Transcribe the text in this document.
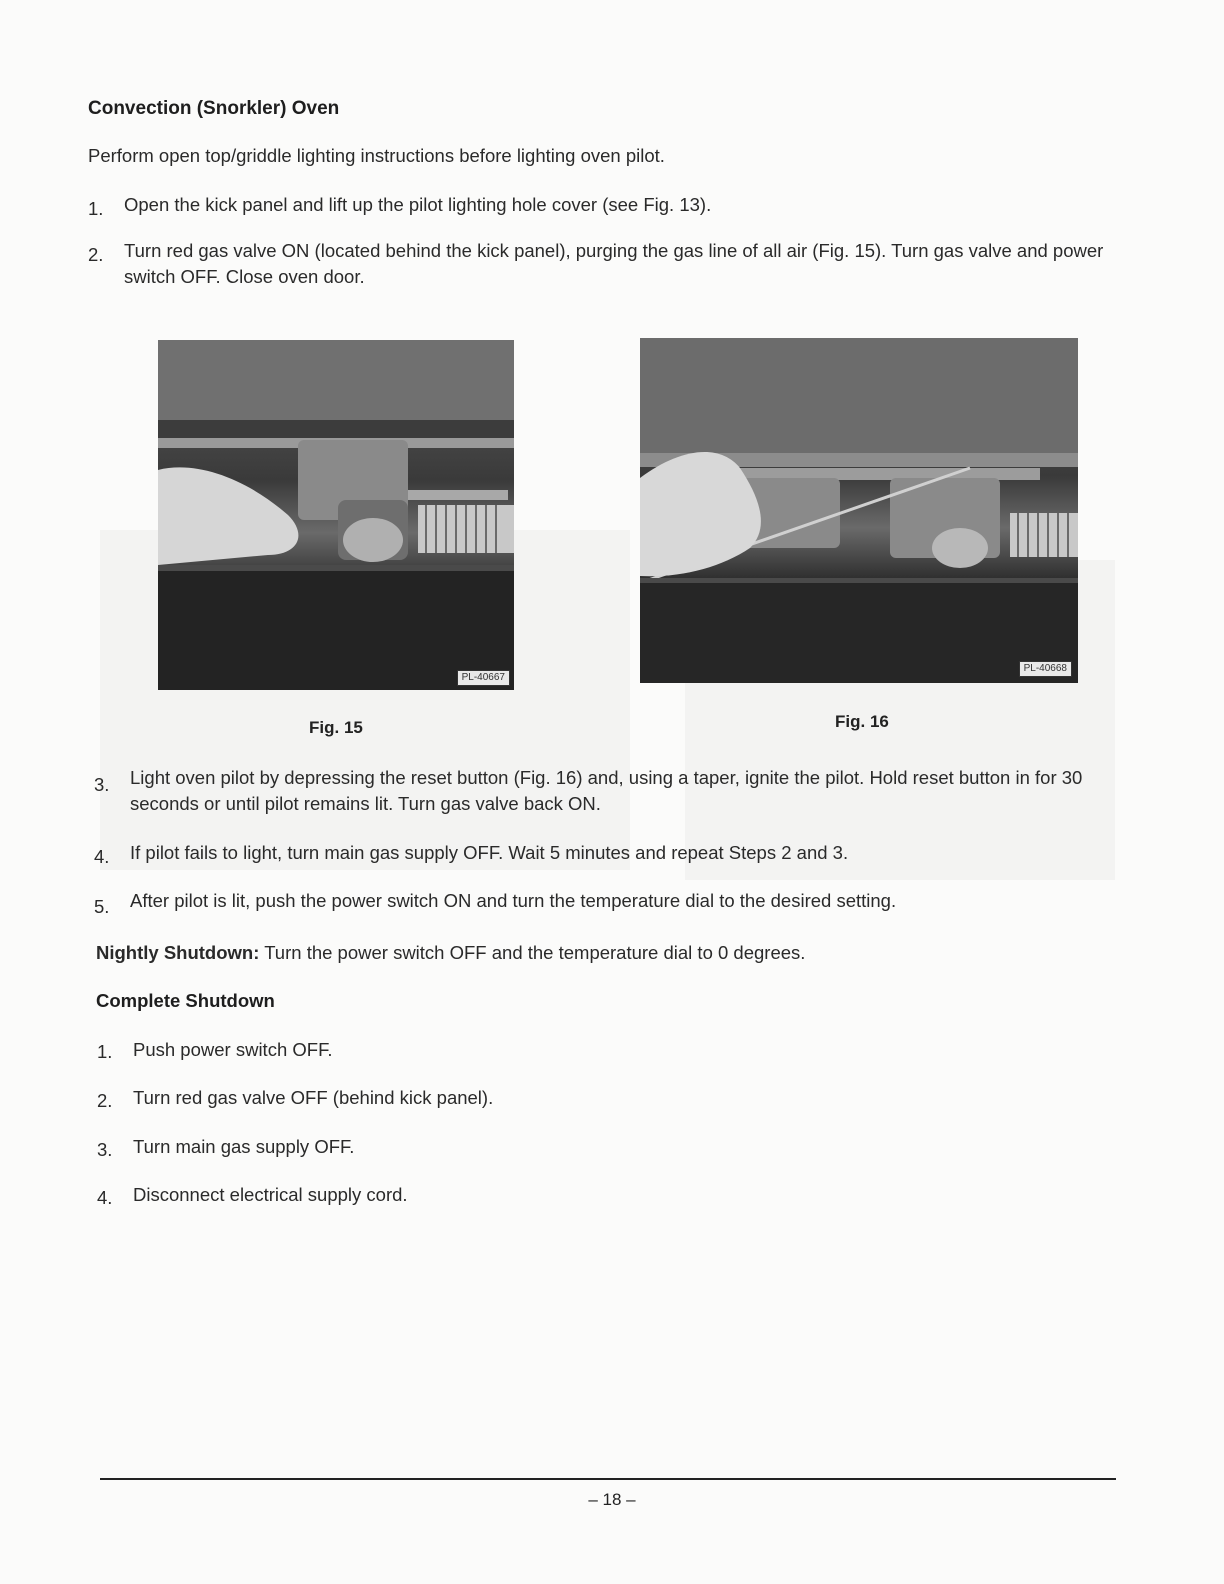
Convection (Snorkler) Oven
Perform open top/griddle lighting instructions before lighting oven pilot.
1. Open the kick panel and lift up the pilot lighting hole cover (see Fig. 13).
2. Turn red gas valve ON (located behind the kick panel), purging the gas line of all air (Fig. 15). Turn gas valve and power switch OFF. Close oven door.
PL-40667
PL-40668
Fig. 15	Fig. 16
3. Light oven pilot by depressing the reset button (Fig. 16) and, using a taper, ignite the pilot. Hold reset button in for 30 seconds or until pilot remains lit. Turn gas valve back ON.
4. If pilot fails to light, turn main gas supply OFF. Wait 5 minutes and repeat Steps 2 and 3.
5. After pilot is lit, push the power switch ON and turn the temperature dial to the desired setting.
Nightly Shutdown: Turn the power switch OFF and the temperature dial to 0 degrees.
Complete Shutdown
1. Push power switch OFF.
2. Turn red gas valve OFF (behind kick panel).
3. Turn main gas supply OFF.
4. Disconnect electrical supply cord.
– 18 –
